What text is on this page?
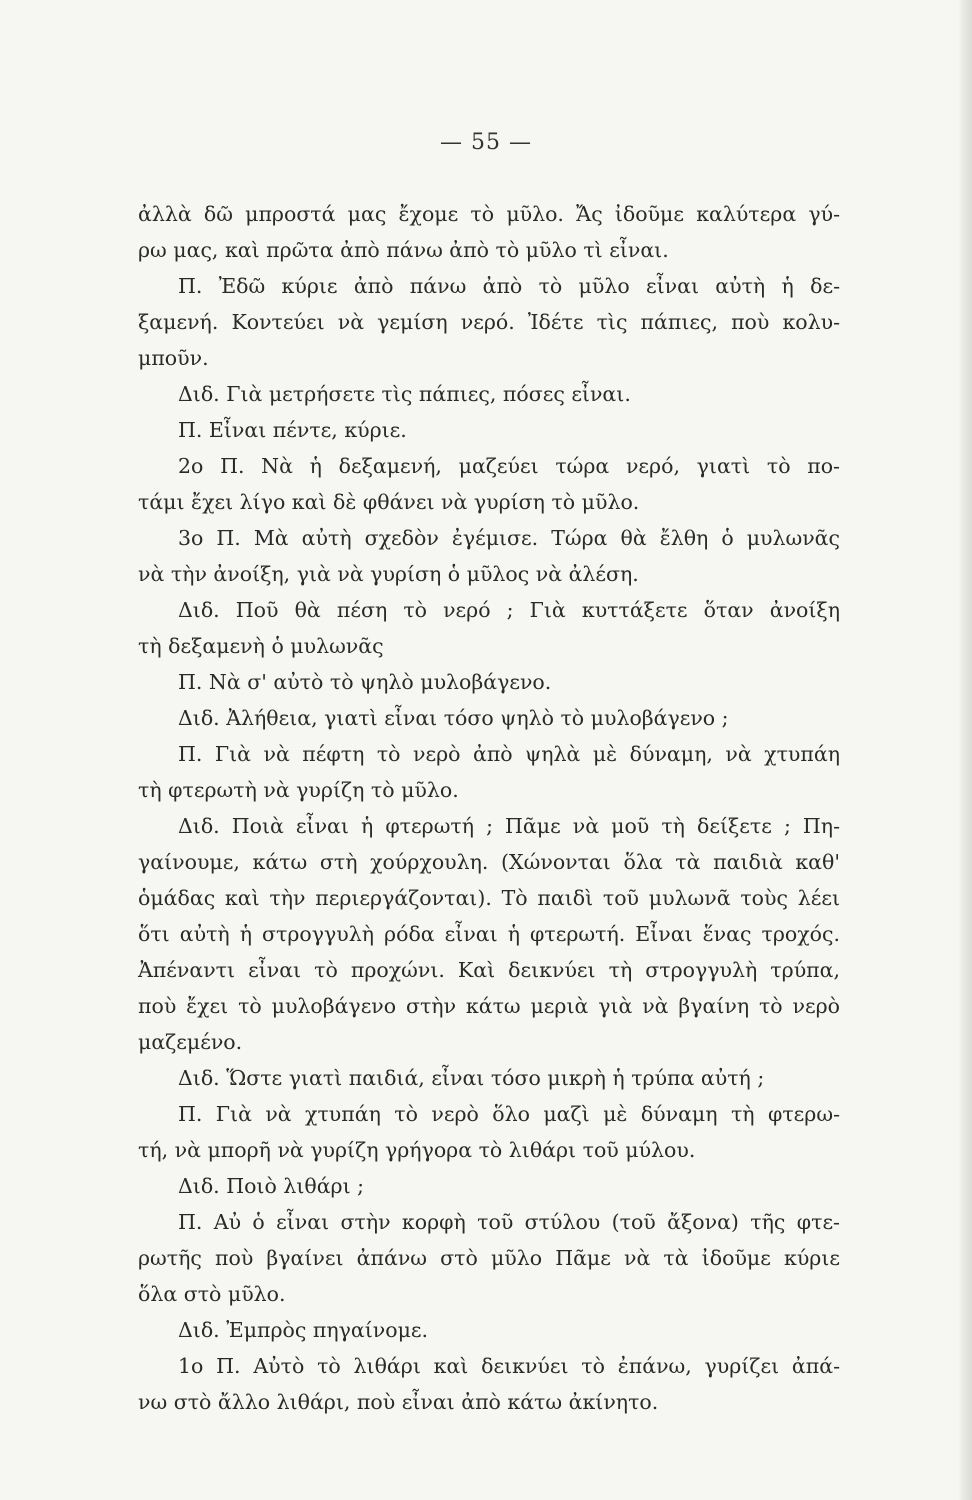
— 55 —
ἀλλὰ δῶ μπροστά μας ἔχομε τὸ μῦλο. Ἄς ἰδοῦμε καλύτερα γύ-
ρω μας, καὶ πρῶτα ἀπὸ πάνω ἀπὸ τὸ μῦλο τὶ εἶναι.
Π. Ἐδῶ κύριε ἀπὸ πάνω ἀπὸ τὸ μῦλο εἶναι αὐτὴ ἡ δε-
ξαμενή. Κοντεύει νὰ γεμίση νερό. Ἰδέτε τὶς πάπιες, ποὺ κολυ-
μποῦν.
Διδ. Γιὰ μετρήσετε τὶς πάπιες, πόσες εἶναι.
Π. Εἶναι πέντε, κύριε.
2ο Π. Νὰ ἡ δεξαμενή, μαζεύει τώρα νερό, γιατὶ τὸ πο-
τάμι ἔχει λίγο καὶ δὲ φθάνει νὰ γυρίση τὸ μῦλο.
3ο Π. Μὰ αὐτὴ σχεδὸν ἐγέμισε. Τώρα θὰ ἔλθη ὁ μυλωνᾶς
νὰ τὴν ἀνοίξη, γιὰ νὰ γυρίση ὁ μῦλος νὰ ἀλέση.
Διδ. Ποῦ θὰ πέση τὸ νερό ; Γιὰ κυττάξετε ὅταν ἀνοίξη
τὴ δεξαμενὴ ὁ μυλωνᾶς
Π. Νὰ σ' αὐτὸ τὸ ψηλὸ μυλοβάγενο.
Διδ. Ἀλήθεια, γιατὶ εἶναι τόσο ψηλὸ τὸ μυλοβάγενο ;
Π. Γιὰ νὰ πέφτη τὸ νερὸ ἀπὸ ψηλὰ μὲ δύναμη, νὰ χτυπάη
τὴ φτερωτὴ νὰ γυρίζη τὸ μῦλο.
Διδ. Ποιὰ εἶναι ἡ φτερωτή ; Πᾶμε νὰ μοῦ τὴ δείξετε ; Πη-
γαίνουμε, κάτω στὴ χούρχουλη. (Χώνονται ὅλα τὰ παιδιὰ καθ'
ὁμάδας καὶ τὴν περιεργάζονται). Τὸ παιδὶ τοῦ μυλωνᾶ τοὺς λέει
ὅτι αὐτὴ ἡ στρογγυλὴ ρόδα εἶναι ἡ φτερωτή. Εἶναι ἕνας τροχός.
Ἀπέναντι εἶναι τὸ προχώνι. Καὶ δεικνύει τὴ στρογγυλὴ τρύπα,
ποὺ ἔχει τὸ μυλοβάγενο στὴν κάτω μεριὰ γιὰ νὰ βγαίνη τὸ νερὸ
μαζεμένο.
Διδ. Ὥστε γιατὶ παιδιά, εἶναι τόσο μικρὴ ἡ τρύπα αὐτή ;
Π. Γιὰ νὰ χτυπάη τὸ νερὸ ὅλο μαζὶ μὲ δύναμη τὴ φτερω-
τή, νὰ μπορῆ νὰ γυρίζη γρήγορα τὸ λιθάρι τοῦ μύλου.
Διδ. Ποιὸ λιθάρι ;
Π. Αὐ ὁ εἶναι στὴν κορφὴ τοῦ στύλου (τοῦ ἄξονα) τῆς φτε-
ρωτῆς ποὺ βγαίνει ἀπάνω στὸ μῦλο Πᾶμε νὰ τὰ ἰδοῦμε κύριε
ὅλα στὸ μῦλο.
Διδ. Ἐμπρὸς πηγαίνομε.
1ο Π. Αὐτὸ τὸ λιθάρι καὶ δεικνύει τὸ ἐπάνω, γυρίζει ἀπά-
νω στὸ ἄλλο λιθάρι, ποὺ εἶναι ἀπὸ κάτω ἀκίνητο.
